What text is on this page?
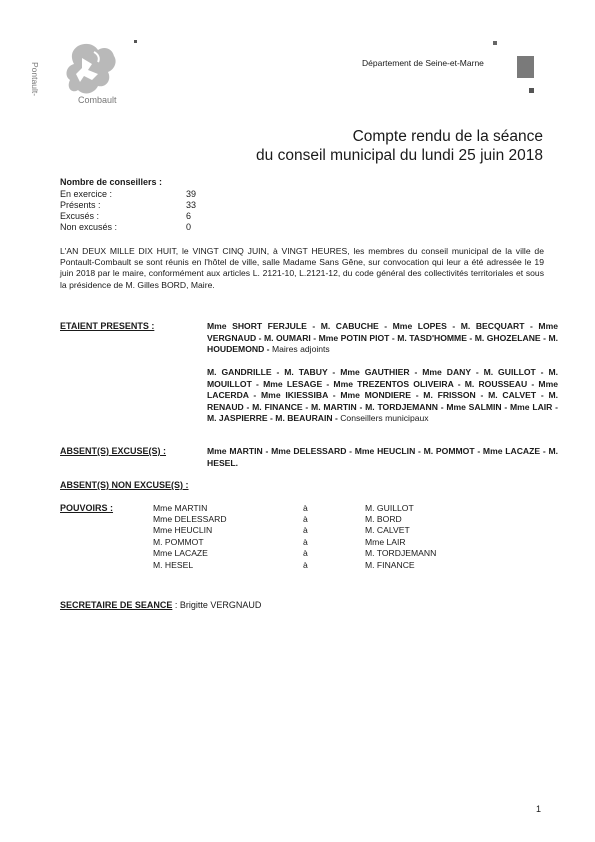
Pontault-
Combault
Département de Seine-et-Marne
Compte rendu de la séance
du conseil municipal du lundi 25 juin 2018
Nombre de conseillers :
En exercice :	39
Présents :	33
Excusés :	6
Non excusés :	0
L'AN DEUX MILLE DIX HUIT, le VINGT CINQ JUIN, à VINGT HEURES, les membres du conseil municipal de la ville de Pontault-Combault se sont réunis en l'hôtel de ville, salle Madame Sans Gêne, sur convocation qui leur a été adressée le 19 juin 2018 par le maire, conformément aux articles L. 2121-10, L.2121-12, du code général des collectivités territoriales et sous la présidence de M. Gilles BORD, Maire.
ETAIENT PRESENTS :	Mme SHORT FERJULE - M. CABUCHE - Mme LOPES - M. BECQUART - Mme VERGNAUD - M. OUMARI - Mme POTIN PIOT - M. TASD'HOMME - M. GHOZELANE - M. HOUDEMOND - Maires adjoints
M. GANDRILLE - M. TABUY - Mme GAUTHIER - Mme DANY - M. GUILLOT - M. MOUILLOT - Mme LESAGE - Mme TREZENTOS OLIVEIRA - M. ROUSSEAU - Mme LACERDA - Mme IKIESSIBA - Mme MONDIERE - M. FRISSON - M. CALVET - M. RENAUD - M. FINANCE - M. MARTIN - M. TORDJEMANN - Mme SALMIN - Mme LAIR - M. JASPIERRE - M. BEAURAIN - Conseillers municipaux
ABSENT(S) EXCUSE(S) :	Mme MARTIN - Mme DELESSARD - Mme HEUCLIN - M. POMMOT - Mme LACAZE - M. HESEL.
ABSENT(S) NON EXCUSE(S) :
POUVOIRS :	Mme MARTIN	à	M. GUILLOT
Mme DELESSARD	à	M. BORD
Mme HEUCLIN	à	M. CALVET
M. POMMOT	à	Mme LAIR
Mme LACAZE	à	M. TORDJEMANN
M. HESEL	à	M. FINANCE
SECRETAIRE DE SEANCE : Brigitte VERGNAUD
1
